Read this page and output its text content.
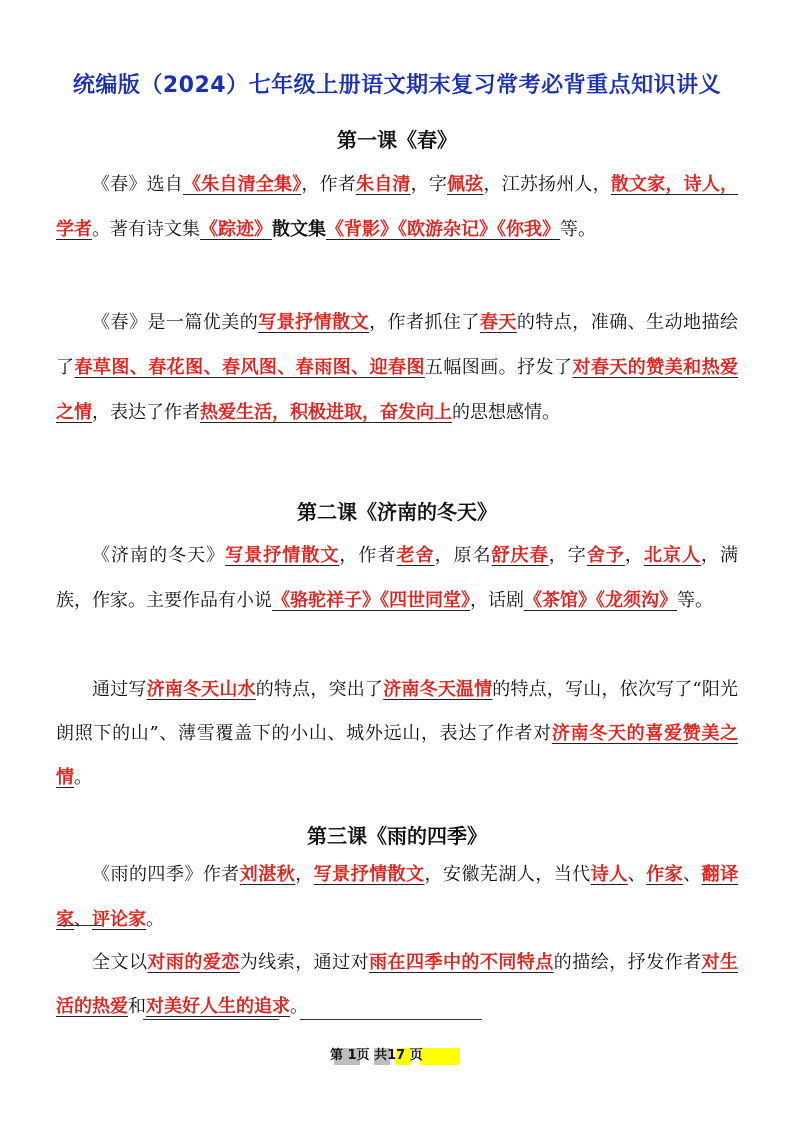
统编版（2024）七年级上册语文期末复习常考必背重点知识讲义
第一课《春》

《春》选自《朱自清全集》，作者朱自清，字佩弦，江苏扬州人，散文家，诗人，学者。著有诗文集《踪迹》散文集《背影》《欧游杂记》《你我》等。

《春》是一篇优美的写景抒情散文，作者抓住了春天的特点，准确、生动地描绘了春草图、春花图、春风图、春雨图、迎春图五幅图画。抒发了对春天的赞美和热爱之情，表达了作者热爱生活，积极进取，奋发向上的思想感情。

第二课《济南的冬天》

《济南的冬天》写景抒情散文，作者老舍，原名舒庆春，字舍予，北京人，满族，作家。主要作品有小说《骆驼祥子》《四世同堂》，话剧《茶馆》《龙须沟》等。

通过写济南冬天山水的特点，突出了济南冬天温情的特点，写山，依次写了“阳光朗照下的山”、薄雪覆盖下的小山、城外远山，表达了作者对济南冬天的喜爱赞美之情。

第三课《雨的四季》

《雨的四季》作者刘湛秋，写景抒情散文，安徽芜湖人，当代诗人、作家、翻译家、评论家。

全文以对雨的爱恋为线索，通过对雨在四季中的不同特点的描绘，抒发作者对生活的热爱和对美好人生的追求。

第 1页 共17 页
